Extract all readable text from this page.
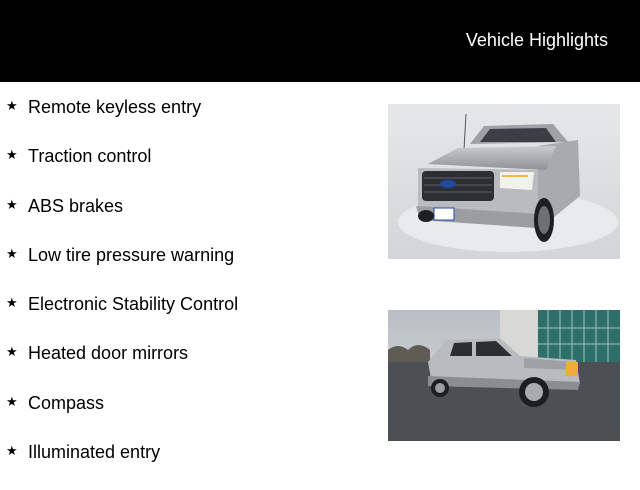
Vehicle Highlights
★ Remote keyless entry
★ Traction control
★ ABS brakes
★ Low tire pressure warning
★ Electronic Stability Control
★ Heated door mirrors
★ Compass
★ Illuminated entry
